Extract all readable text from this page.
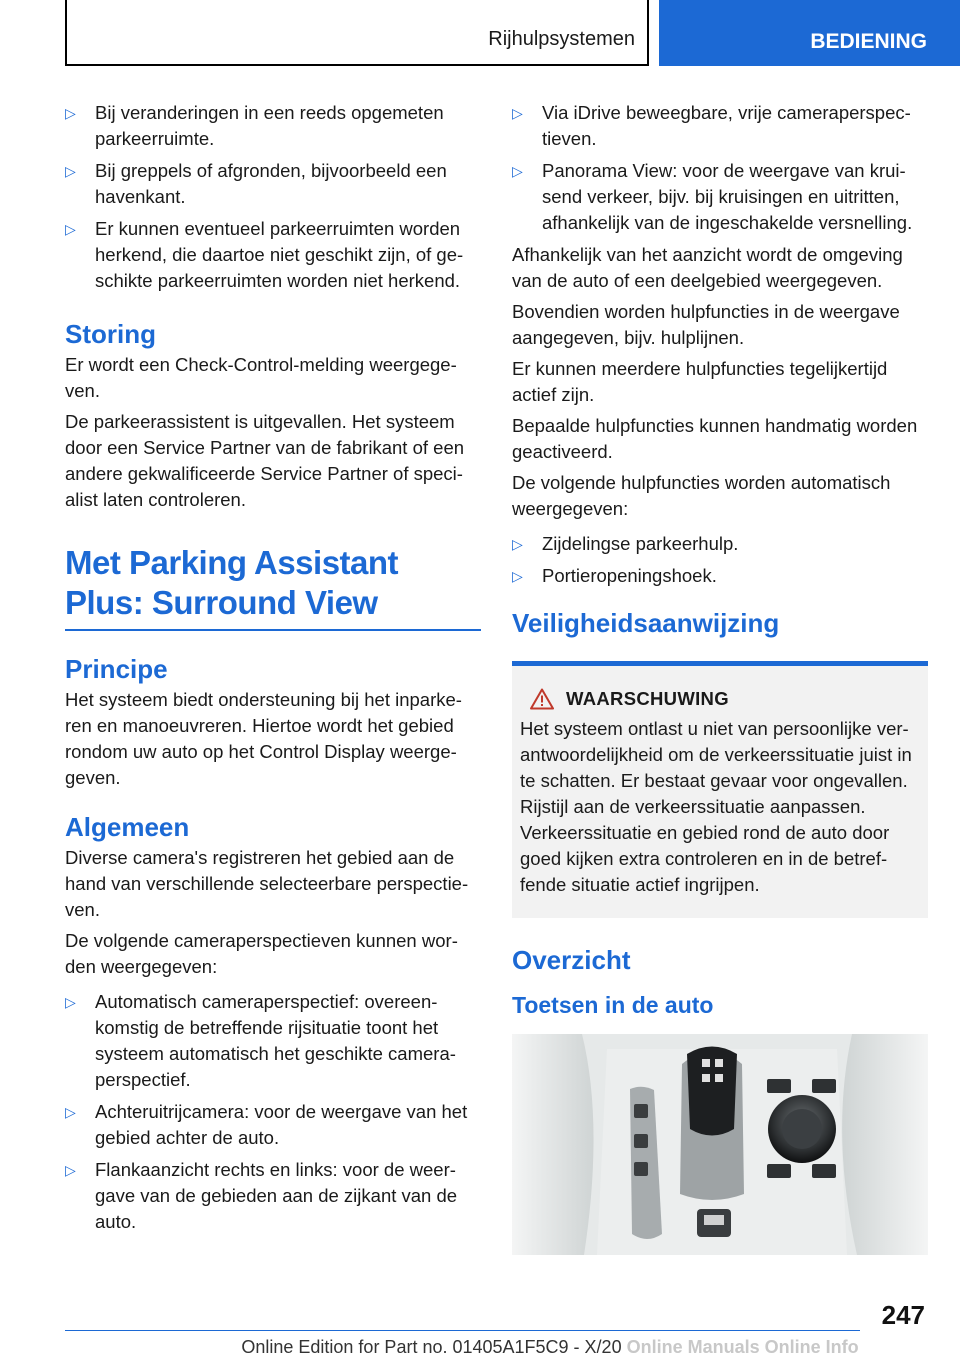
Rijhulpsystemen	BEDIENING
▷ Bij veranderingen in een reeds opgemeten parkeerruimte.
▷ Bij greppels of afgronden, bijvoorbeeld een havenkant.
▷ Er kunnen eventueel parkeerruimten worden herkend, die daartoe niet geschikt zijn, of geschikte parkeerruimten worden niet herkend.
Storing

Er wordt een Check-Control-melding weergegeven.

De parkeerassistent is uitgevallen. Het systeem door een Service Partner van de fabrikant of een andere gekwalificeerde Service Partner of specialist laten controleren.

Met Parking Assistant Plus: Surround View
Principe

Het systeem biedt ondersteuning bij het inparkeren en manoeuvreren. Hiertoe wordt het gebied rondom uw auto op het Control Display weergegeven.

Algemeen

Diverse camera's registreren het gebied aan de hand van verschillende selecteerbare perspectieven.

De volgende cameraperspectieven kunnen worden weergegeven:

▷ Automatisch cameraperspectief: overeenkomstig de betreffende rijsituatie toont het systeem automatisch het geschikte cameraperspectief.
▷ Achteruitrijcamera: voor de weergave van het gebied achter de auto.
▷ Flankaanzicht rechts en links: voor de weergave van de gebieden aan de zijkant van de auto.
▷ Via iDrive beweegbare, vrije cameraperspectieven.
▷ Panorama View: voor de weergave van kruisend verkeer, bijv. bij kruisingen en uitritten, afhankelijk van de ingeschakelde versnelling.

Afhankelijk van het aanzicht wordt de omgeving van de auto of een deelgebied weergegeven.

Bovendien worden hulpfuncties in de weergave aangegeven, bijv. hulplijnen.

Er kunnen meerdere hulpfuncties tegelijkertijd actief zijn.

Bepaalde hulpfuncties kunnen handmatig worden geactiveerd.

De volgende hulpfuncties worden automatisch weergegeven:

▷ Zijdelingse parkeerhulp.
▷ Portieropeningshoek.
Veiligheidsaanwijzing
WAARSCHUWING

Het systeem ontlast u niet van persoonlijke verantwoordelijkheid om de verkeerssituatie juist in te schatten. Er bestaat gevaar voor ongevallen. Rijstijl aan de verkeerssituatie aanpassen. Verkeerssituatie en gebied rond de auto door goed kijken extra controleren en in de betreffende situatie actief ingrijpen.

Overzicht
Toetsen in de auto
247
Online Edition for Part no. 01405A1F5C9 - X/20 Online Manuals Online Info
